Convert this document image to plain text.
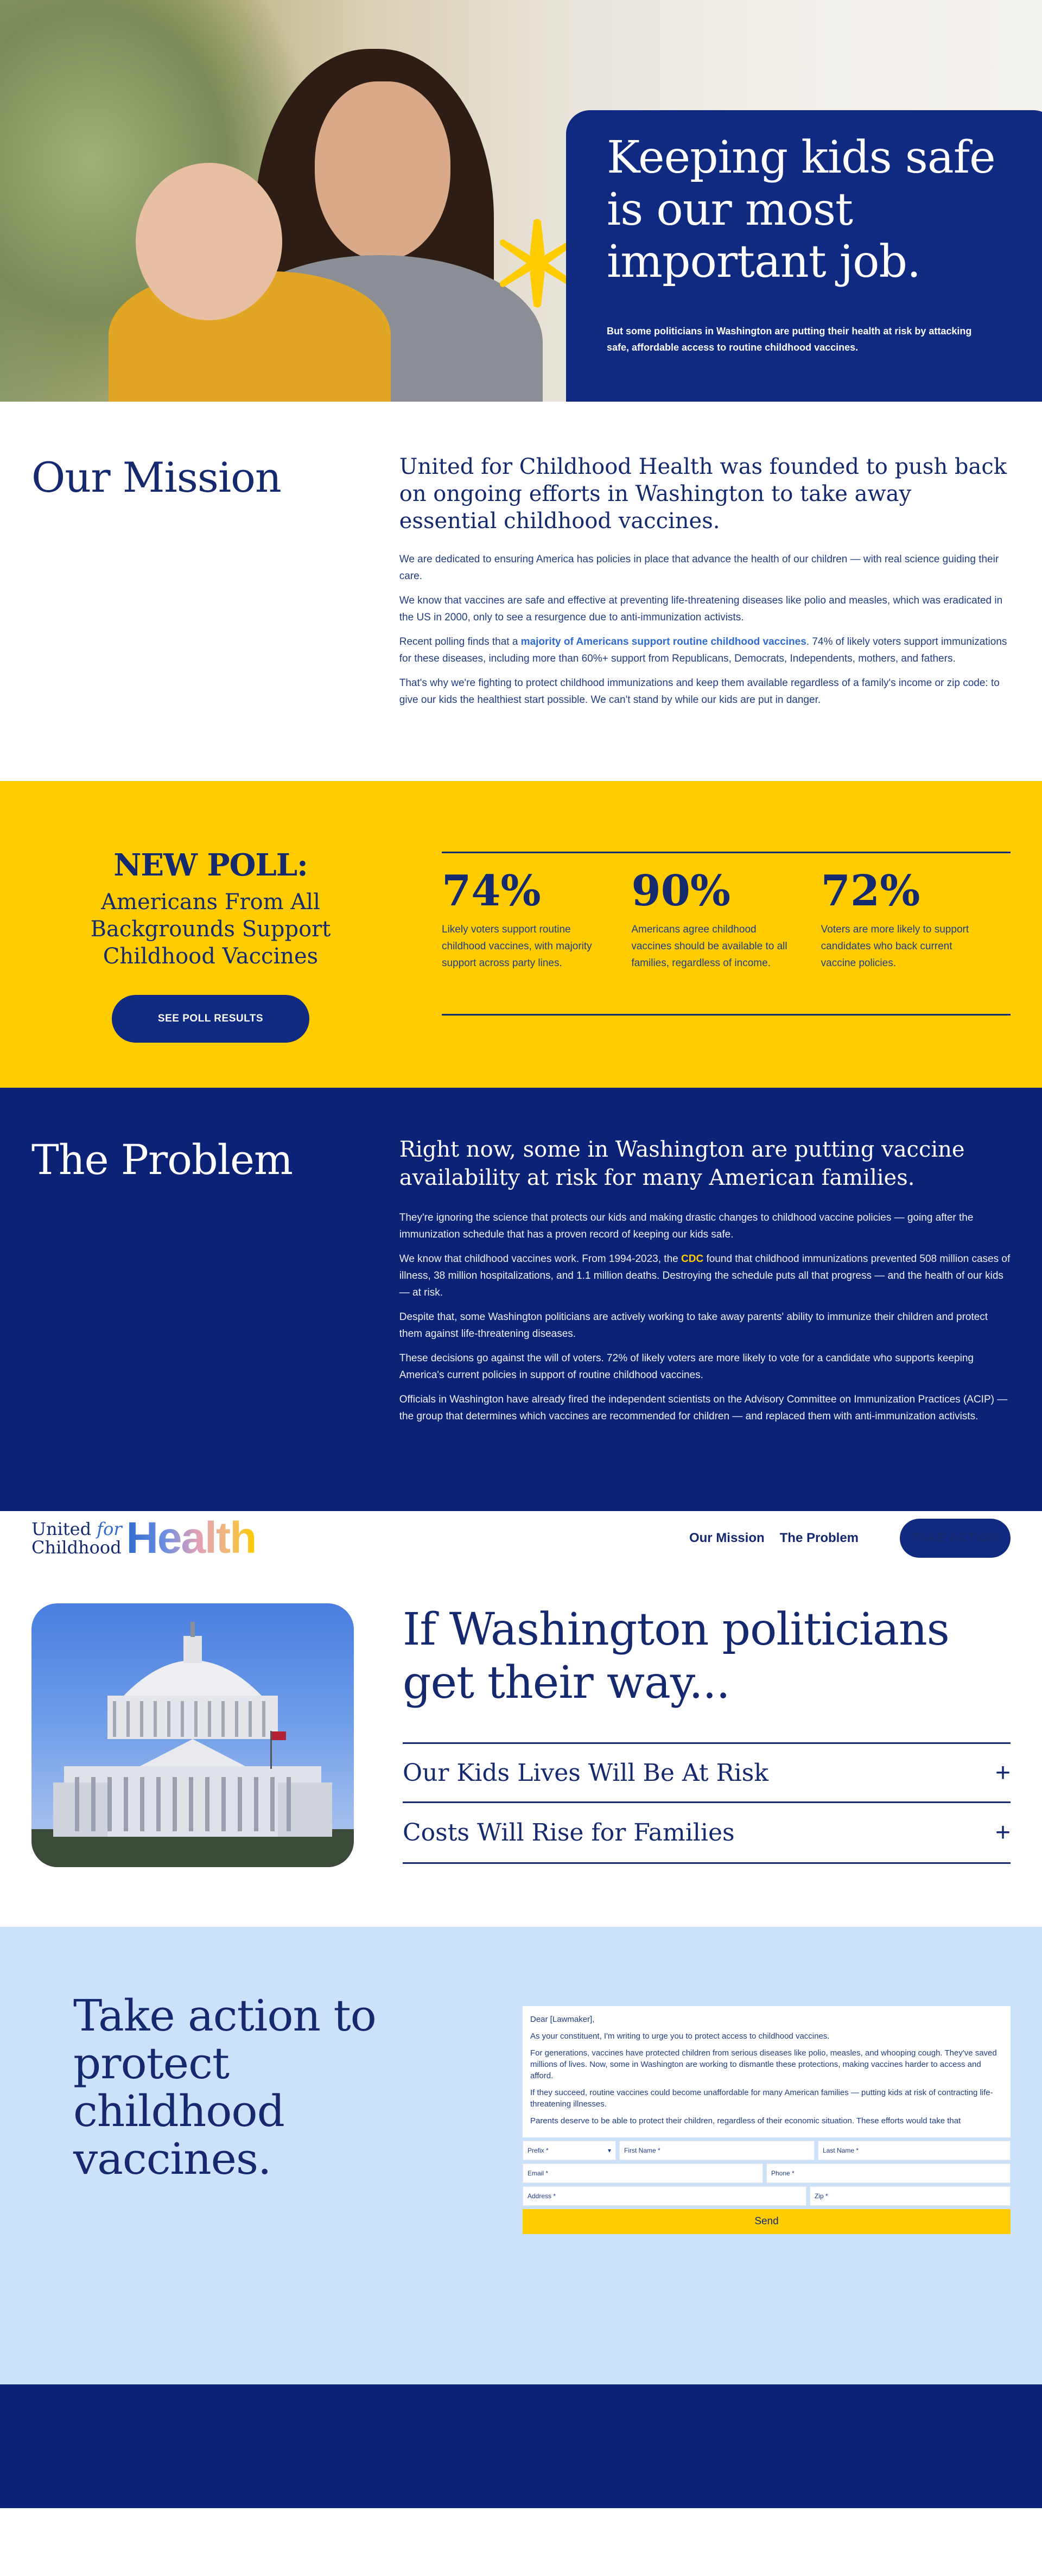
Keeping kids safe is our most important job.

But some politicians in Washington are putting their health at risk by attacking safe, affordable access to routine childhood vaccines.

Our Mission	United for Childhood Health was founded to push back on ongoing efforts in Washington to take away essential childhood vaccines.

We are dedicated to ensuring America has policies in place that advance the health of our children — with real science guiding their care.

We know that vaccines are safe and effective at preventing life-threatening diseases like polio and measles, which was eradicated in the US in 2000, only to see a resurgence due to anti-immunization activists.

Recent polling finds that a majority of Americans support routine childhood vaccines. 74% of likely voters support immunizations for these diseases, including more than 60%+ support from Republicans, Democrats, Independents, mothers, and fathers.

That's why we're fighting to protect childhood immunizations and keep them available regardless of a family's income or zip code: to give our kids the healthiest start possible. We can't stand by while our kids are put in danger.

NEW POLL:
Americans From All Backgrounds Support Childhood Vaccines
SEE POLL RESULTS
74%
Likely voters support routine childhood vaccines, with majority support across party lines.
90%
Americans agree childhood vaccines should be available to all families, regardless of income.
72%
Voters are more likely to support candidates who back current vaccine policies.
The Problem	Right now, some in Washington are putting vaccine availability at risk for many American families.

They're ignoring the science that protects our kids and making drastic changes to childhood vaccine policies — going after the immunization schedule that has a proven record of keeping our kids safe.

We know that childhood vaccines work. From 1994-2023, the CDC found that childhood immunizations prevented 508 million cases of illness, 38 million hospitalizations, and 1.1 million deaths. Destroying the schedule puts all that progress — and the health of our kids — at risk.

Despite that, some Washington politicians are actively working to take away parents' ability to immunize their children and protect them against life-threatening diseases.

These decisions go against the will of voters. 72% of likely voters are more likely to vote for a candidate who supports keeping America's current policies in support of routine childhood vaccines.

Officials in Washington have already fired the independent scientists on the Advisory Committee on Immunization Practices (ACIP) — the group that determines which vaccines are recommended for children — and replaced them with anti-immunization activists.

United for
Childhood Health	Our Mission The Problem	TAKE ACTION
If Washington politicians get their way...
Our Kids Lives Will Be At Risk	+
Costs Will Rise for Families	+
Take action to protect childhood vaccines.

Dear [Lawmaker],

As your constituent, I'm writing to urge you to protect access to childhood vaccines.

For generations, vaccines have protected children from serious diseases like polio, measles, and whooping cough. They've saved millions of lives. Now, some in Washington are working to dismantle these protections, making vaccines harder to access and afford.

If they succeed, routine vaccines could become unaffordable for many American families — putting kids at risk of contracting life-threatening illnesses.

Parents deserve to be able to protect their children, regardless of their economic situation. These efforts would take that

Prefix *	▾	First Name *	Last Name *
Email *	Phone *
Address *	Zip *
Send
